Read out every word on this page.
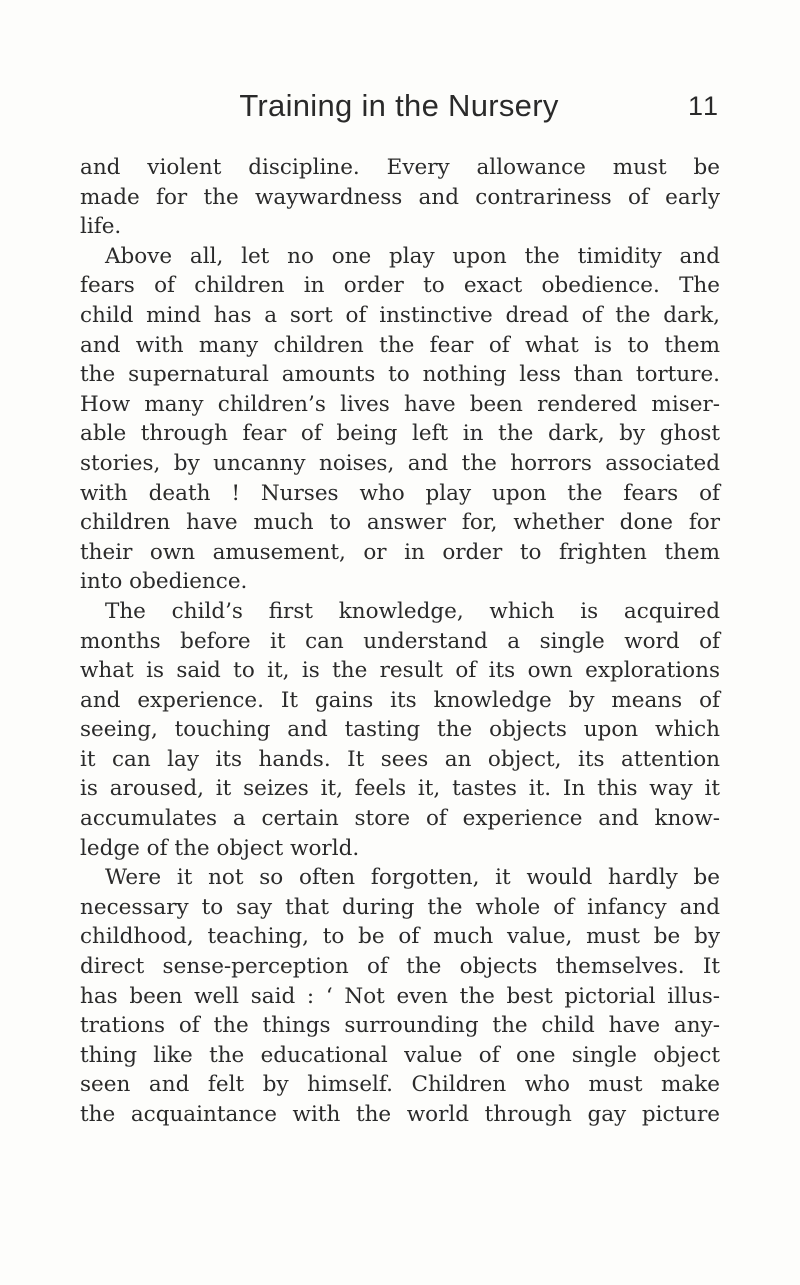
Training in the Nursery	11
and violent discipline. Every allowance must be
made for the waywardness and contrariness of early
life.
Above all, let no one play upon the timidity and
fears of children in order to exact obedience. The
child mind has a sort of instinctive dread of the dark,
and with many children the fear of what is to them
the supernatural amounts to nothing less than torture.
How many children’s lives have been rendered miser-
able through fear of being left in the dark, by ghost
stories, by uncanny noises, and the horrors associated
with death ! Nurses who play upon the fears of
children have much to answer for, whether done for
their own amusement, or in order to frighten them
into obedience.
The child’s first knowledge, which is acquired
months before it can understand a single word of
what is said to it, is the result of its own explorations
and experience. It gains its knowledge by means of
seeing, touching and tasting the objects upon which
it can lay its hands. It sees an object, its attention
is aroused, it seizes it, feels it, tastes it. In this way it
accumulates a certain store of experience and know-
ledge of the object world.
Were it not so often forgotten, it would hardly be
necessary to say that during the whole of infancy and
childhood, teaching, to be of much value, must be by
direct sense-perception of the objects themselves. It
has been well said : ‘ Not even the best pictorial illus-
trations of the things surrounding the child have any-
thing like the educational value of one single object
seen and felt by himself. Children who must make
the acquaintance with the world through gay picture
